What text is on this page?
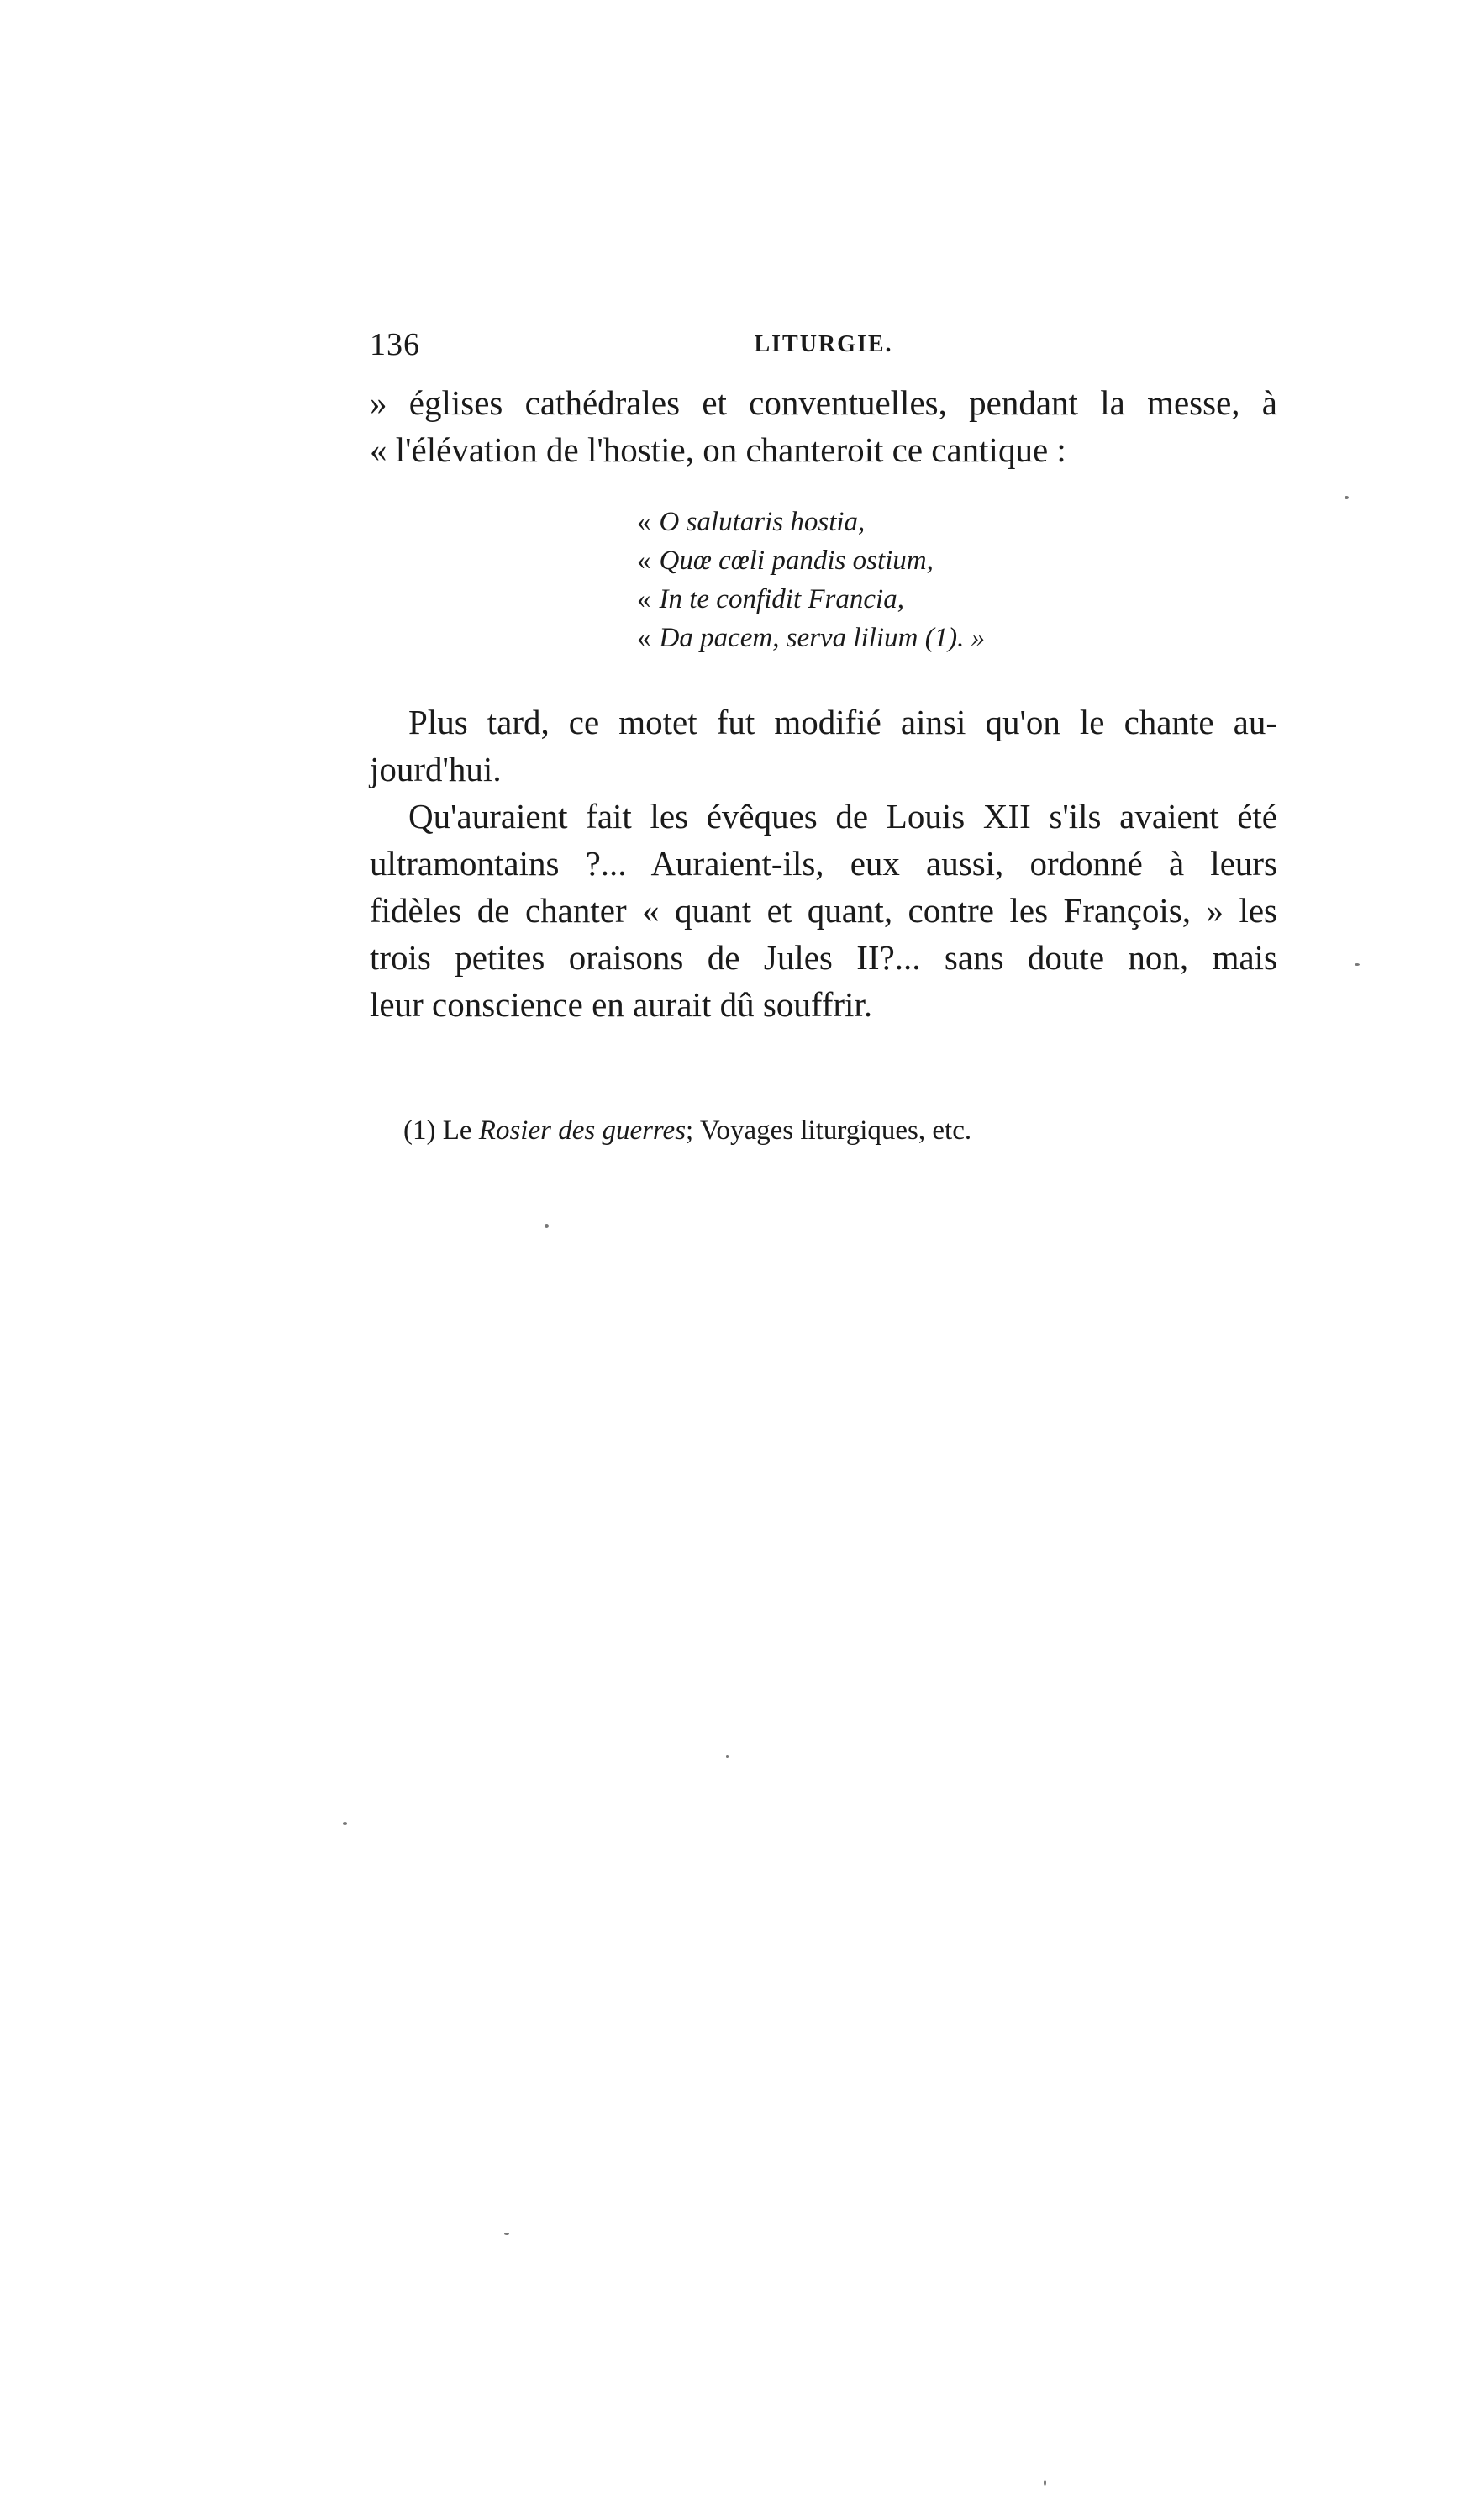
136	LITURGIE.
» églises cathédrales et conventuelles, pendant la messe, à
« l'élévation de l'hostie, on chanteroit ce cantique :
« O salutaris hostia,
« Quœ cœli pandis ostium,
« In te confidit Francia,
« Da pacem, serva lilium (1). »
Plus tard, ce motet fut modifié ainsi qu'on le chante au-
jourd'hui.
Qu'auraient fait les évêques de Louis XII s'ils avaient été
ultramontains ?... Auraient-ils, eux aussi, ordonné à leurs
fidèles de chanter « quant et quant, contre les François, » les
trois petites oraisons de Jules II?... sans doute non, mais
leur conscience en aurait dû souffrir.
(1) Le Rosier des guerres; Voyages liturgiques, etc.
